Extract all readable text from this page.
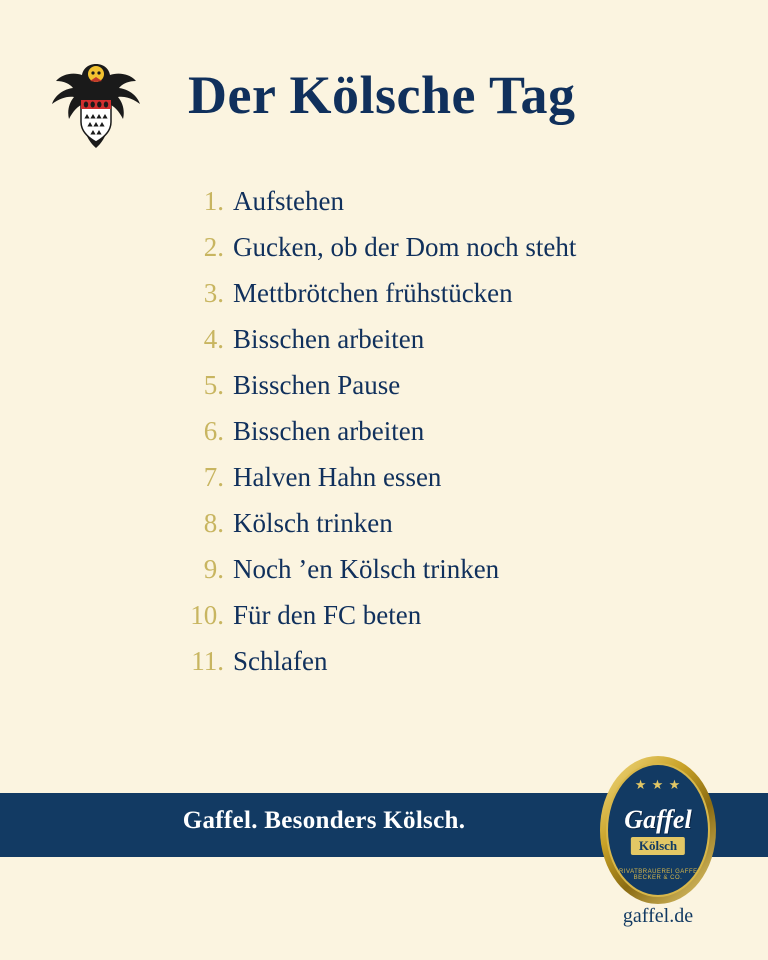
Der Kölsche Tag
1. Aufstehen
2. Gucken, ob der Dom noch steht
3. Mettbrötchen frühstücken
4. Bisschen arbeiten
5. Bisschen Pause
6. Bisschen arbeiten
7. Halven Hahn essen
8. Kölsch trinken
9. Noch ’en Kölsch trinken
10. Für den FC beten
11. Schlafen
Gaffel. Besonders Kölsch.
★ ★ ★
Gaffel
Kölsch
PRIVATBRAUEREI GAFFEL BECKER & CO.
gaffel.de
